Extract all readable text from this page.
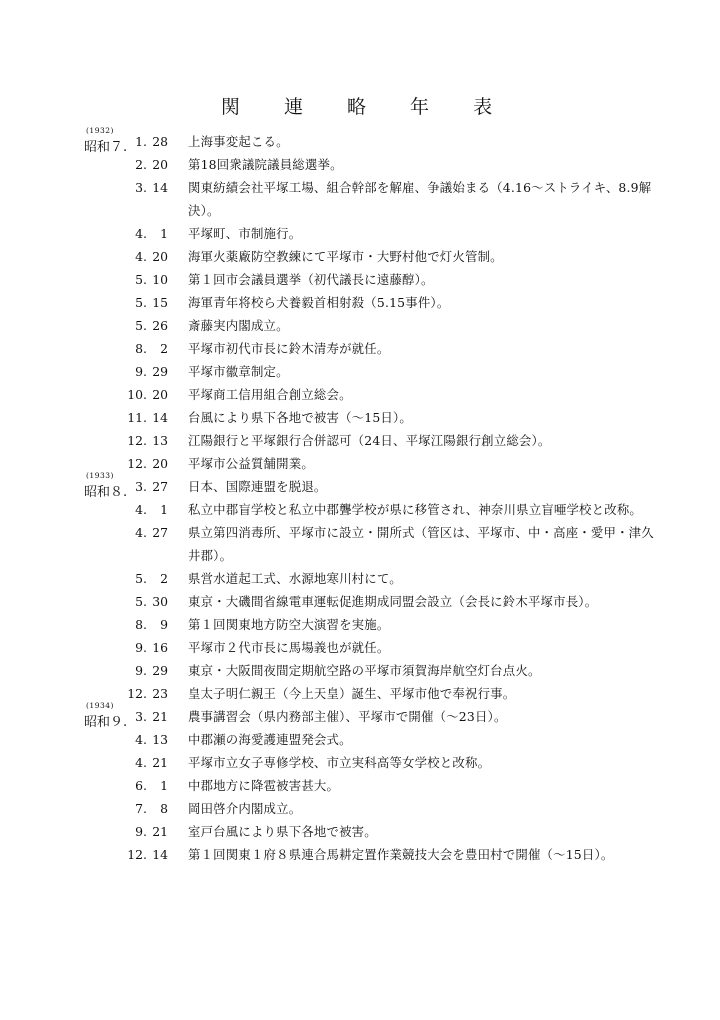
関 連 略 年 表
(1932)
昭和７. 1. 28 上海事変起こる。
2. 20 第18回衆議院議員総選挙。
3. 14 関東紡績会社平塚工場、組合幹部を解雇、争議始まる（4.16～ストライキ、8.9解決）。
4. 1 平塚町、市制施行。
4. 20 海軍火薬廠防空教練にて平塚市・大野村他で灯火管制。
5. 10 第１回市会議員選挙（初代議長に遠藤醇）。
5. 15 海軍青年将校ら犬養毅首相射殺（5.15事件）。
5. 26 斎藤実内閣成立。
8. 2 平塚市初代市長に鈴木清寿が就任。
9. 29 平塚市徽章制定。
10. 20 平塚商工信用組合創立総会。
11. 14 台風により県下各地で被害（～15日）。
12. 13 江陽銀行と平塚銀行合併認可（24日、平塚江陽銀行創立総会）。
12. 20 平塚市公益質舗開業。
(1933)
昭和８. 3. 27 日本、国際連盟を脱退。
4. 1 私立中郡盲学校と私立中郡聾学校が県に移管され、神奈川県立盲唖学校と改称。
4. 27 県立第四消毒所、平塚市に設立・開所式（管区は、平塚市、中・高座・愛甲・津久井郡）。
5. 2 県営水道起工式、水源地寒川村にて。
5. 30 東京・大磯間省線電車運転促進期成同盟会設立（会長に鈴木平塚市長）。
8. 9 第１回関東地方防空大演習を実施。
9. 16 平塚市２代市長に馬場義也が就任。
9. 29 東京・大阪間夜間定期航空路の平塚市須賀海岸航空灯台点火。
12. 23 皇太子明仁親王（今上天皇）誕生、平塚市他で奉祝行事。
(1934)
昭和９. 3. 21 農事講習会（県内務部主催）、平塚市で開催（～23日）。
4. 13 中郡瀬の海愛護連盟発会式。
4. 21 平塚市立女子専修学校、市立実科高等女学校と改称。
6. 1 中郡地方に降雹被害甚大。
7. 8 岡田啓介内閣成立。
9. 21 室戸台風により県下各地で被害。
12. 14 第１回関東１府８県連合馬耕定置作業競技大会を豊田村で開催（～15日）。
